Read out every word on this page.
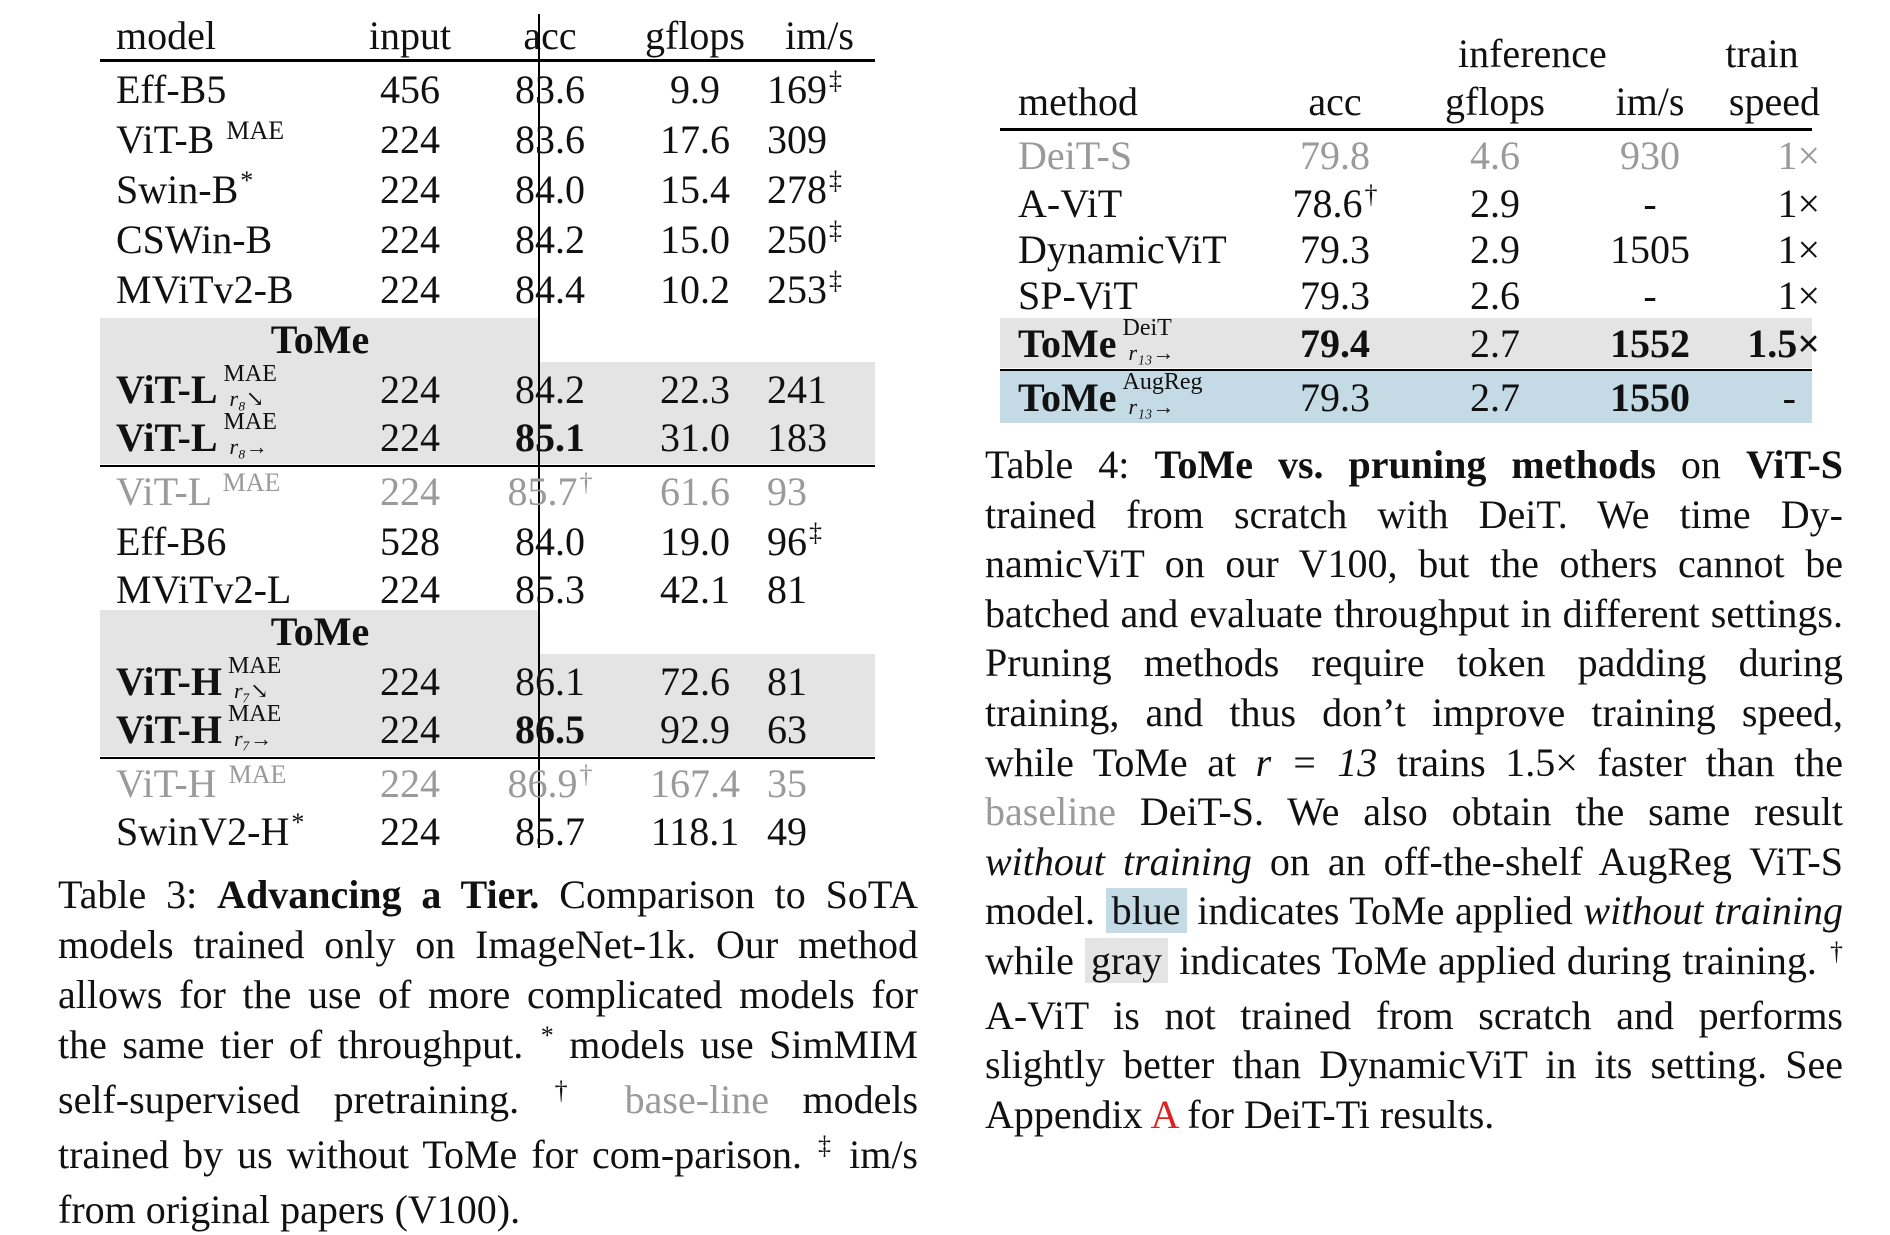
model	input	acc	gflops	im/s
Eff-B5	456	83.6	9.9	169‡
ViT-B $^{MAE}$	224	83.6	17.6 309
Swin-B*	224	84.0	15.4 278‡
CSWin-B	224	84.2	15.0 250‡
MViTv2-B	224	84.4	10.2 253‡
ToMe
ViT-L MAE
r₈↘	224	84.2	22.3 241
ViT-L MAE
r₈→	224	85.1	31.0 183
ViT-L $^{MAE}$	224	85.7†	61.6 93
Eff-B6	528	84.0	19.0 96‡
MViTv2-L	224	85.3	42.1 81
ToMe
ViT-H MAE
r₇↘	224	86.1	72.6 81
ViT-H MAE
r₇→	224	86.5	92.9 63
ViT-H $^{MAE}$	224	86.9†	167.4 35
SwinV2-H*	224	85.7	118.1 49
Table 3: Advancing a Tier. Comparison to SoTA models trained only on ImageNet-1k. Our method allows for the use of more complicated models for the same tier of throughput. * models use SimMIM self-supervised pretraining. † base-line models trained by us without ToMe for com-parison. ‡ im/s from original papers (V100).
inference	train
method	acc	gflops	im/s	speed
DeiT-S	79.8	4.6	930	1×
A-ViT	78.6†	2.9	-	1×
DynamicViT	79.3	2.9	1505	1×
SP-ViT	79.3	2.6	-	1×
ToMe DeiT
r₁₃→	79.4	2.7	1552	1.5×
ToMe AugReg
r₁₃→	79.3	2.7	1550	-
Table 4: ToMe vs. pruning methods on ViT-S trained from scratch with DeiT. We time Dy-namicViT on our V100, but the others cannot be batched and evaluate throughput in different settings. Pruning methods require token padding during training, and thus don’t improve training speed, while ToMe at r = 13 trains 1.5× faster than the baseline DeiT-S. We also obtain the same result without training on an off-the-shelf AugReg ViT-S model. blue indicates ToMe applied without training while gray indicates ToMe applied during training. † A-ViT is not trained from scratch and performs slightly better than DynamicViT in its setting. See Appendix A for DeiT-Ti results.
